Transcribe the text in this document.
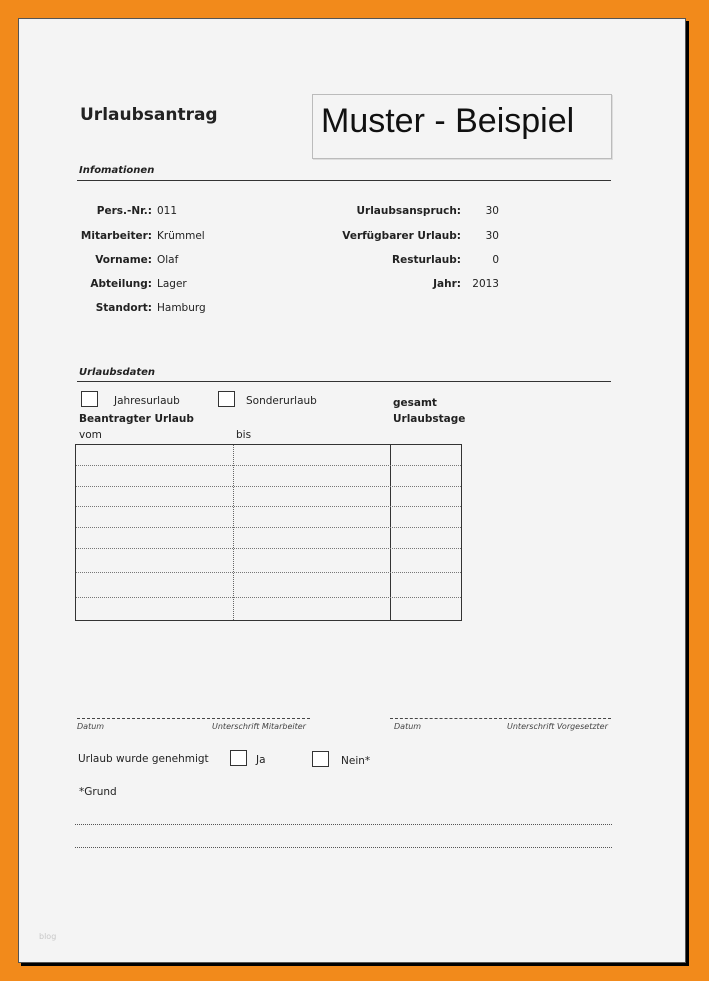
Urlaubsantrag	Muster - Beispiel
Infomationen
Pers.-Nr.: 011
Mitarbeiter: Krümmel
Vorname: Olaf
Abteilung: Lager
Standort: Hamburg
Urlaubsanspruch: 30
Verfügbarer Urlaub: 30
Resturlaub:	0
Jahr: 2013
Urlaubsdaten
Jahresurlaub	Sonderurlaub	gesamt
Beantragter Urlaub	Urlaubstage
vom	bis
Datum	Unterschrift Mitarbeiter	Datum	Unterschrift Vorgesetzter
Urlaub wurde genehmigt	Ja	Nein*
*Grund
blog
